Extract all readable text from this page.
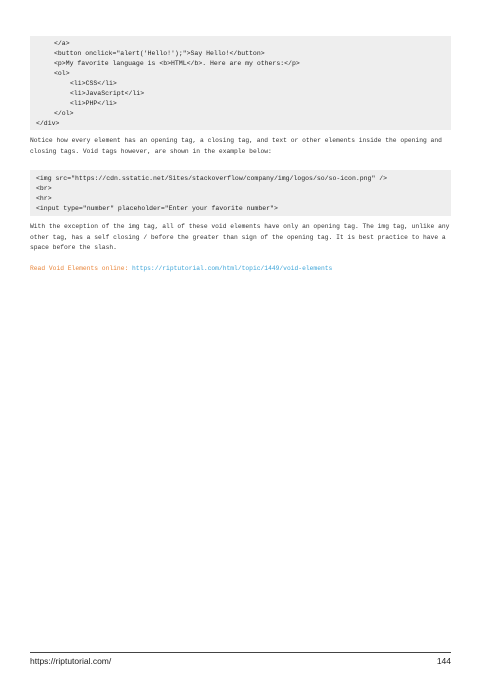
</a>
<button onclick="alert('Hello!');">Say Hello!</button>
<p>My favorite language is <b>HTML</b>. Here are my others:</p>
<ol>
<li>CSS</li>
<li>JavaScript</li>
<li>PHP</li>
</ol>
</div>

Notice how every element has an opening tag, a closing tag, and text or other elements inside the opening and closing tags. Void tags however, are shown in the example below:

<img src="https://cdn.sstatic.net/Sites/stackoverflow/company/img/logos/so/so-icon.png" />
<br>
<hr>
<input type="number" placeholder="Enter your favorite number">

With the exception of the img tag, all of these void elements have only an opening tag. The img tag, unlike any other tag, has a self closing / before the greater than sign of the opening tag. It is best practice to have a space before the slash.

Read Void Elements online: https://riptutorial.com/html/topic/1449/void-elements
https://riptutorial.com/	144
